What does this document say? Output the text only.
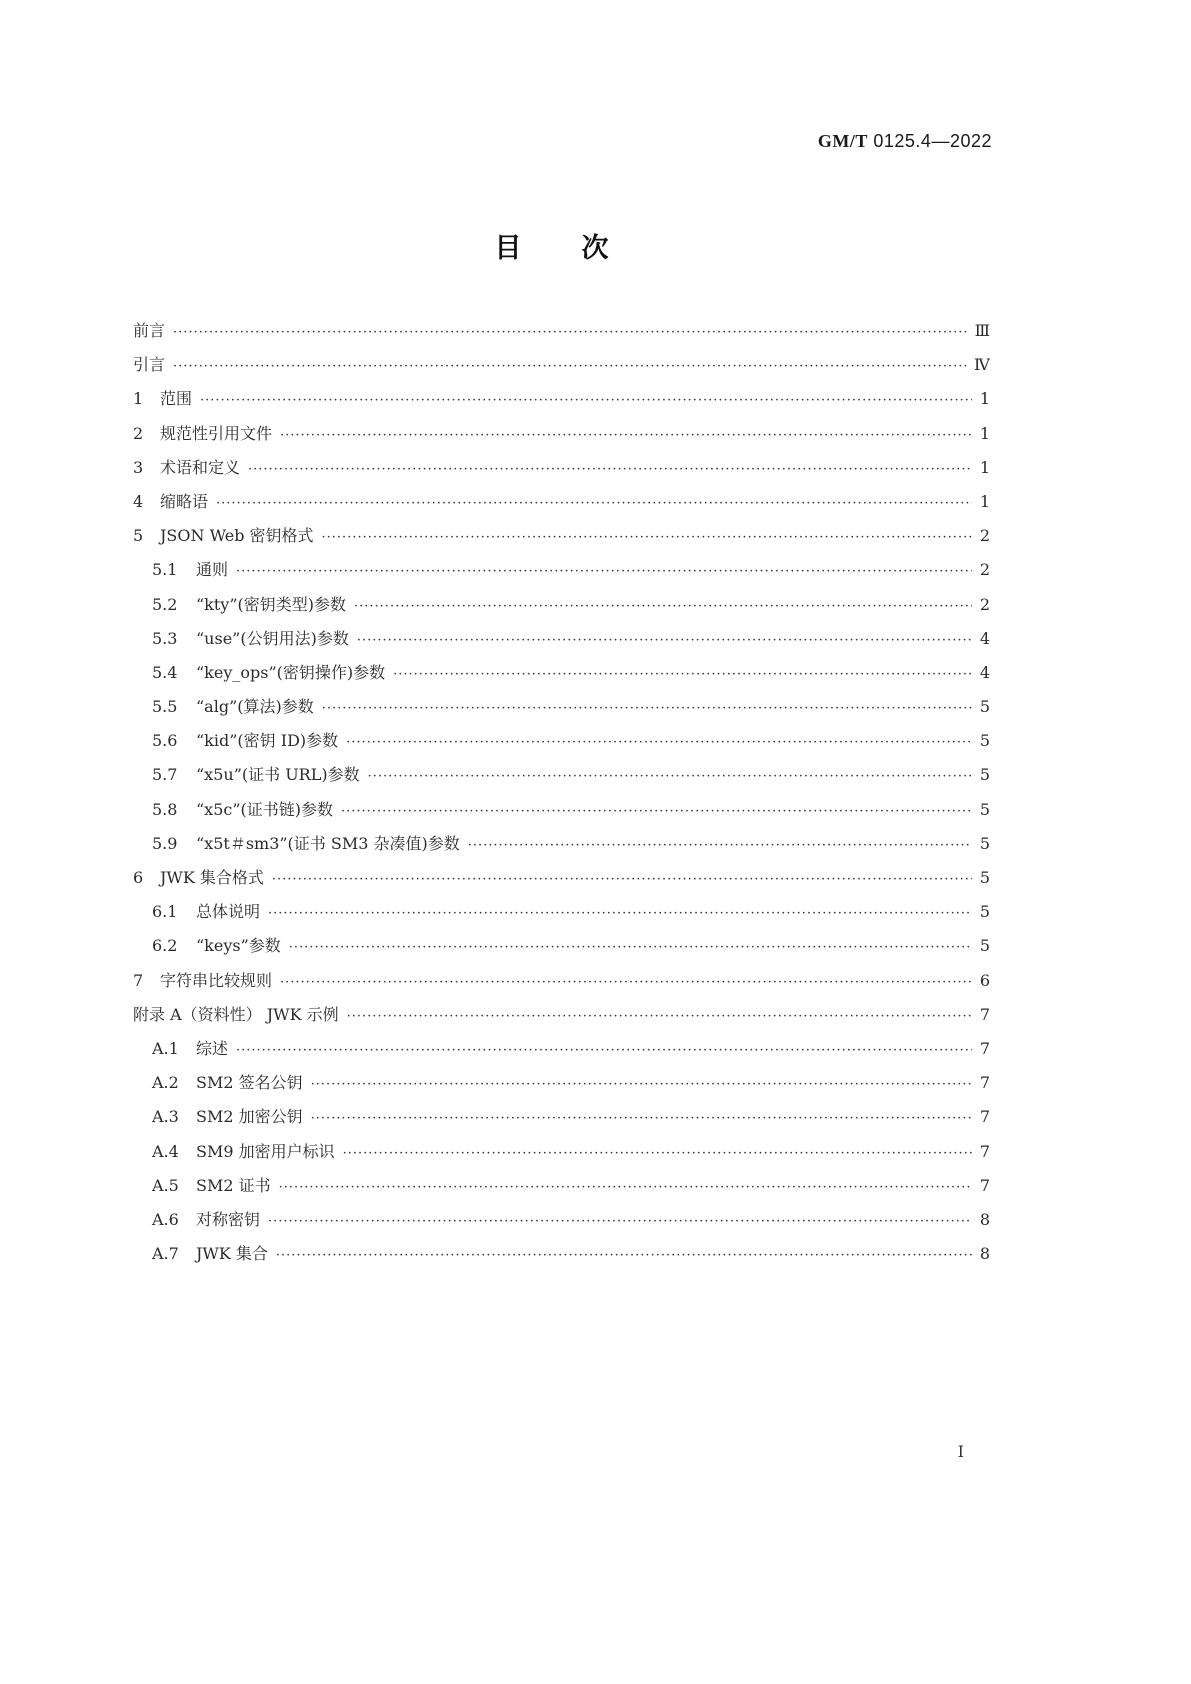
GM/T 0125.4—2022
目 次
前言 ·····	Ⅲ
引言 ·····	Ⅳ
1	范围 ·····	1
2	规范性引用文件 ·····	1
3	术语和定义 ·····	1
4	缩略语 ·····	1
5	JSON Web 密钥格式 ·····	2
5.1	通则 ·····	2
5.2	“kty”(密钥类型)参数 ·····	2
5.3	“use”(公钥用法)参数 ·····	4
5.4	“key_ops”(密钥操作)参数 ·····	4
5.5	“alg”(算法)参数 ·····	5
5.6	“kid”(密钥 ID)参数 ·····	5
5.7	“x5u”(证书 URL)参数 ·····	5
5.8	“x5c”(证书链)参数 ·····	5
5.9	“x5t＃sm3”(证书 SM3 杂凑值)参数 ·····	5
6	JWK 集合格式 ·····	5
6.1	总体说明 ·····	5
6.2	“keys”参数 ·····	5
7	字符串比较规则 ·····	6
附录 A（资料性） JWK 示例 ·····	7
A.1	综述 ·····	7
A.2	SM2 签名公钥 ·····	7
A.3	SM2 加密公钥 ·····	7
A.4	SM9 加密用户标识 ·····	7
A.5	SM2 证书 ·····	7
A.6	对称密钥 ·····	8
A.7	JWK 集合 ·····	8
I
